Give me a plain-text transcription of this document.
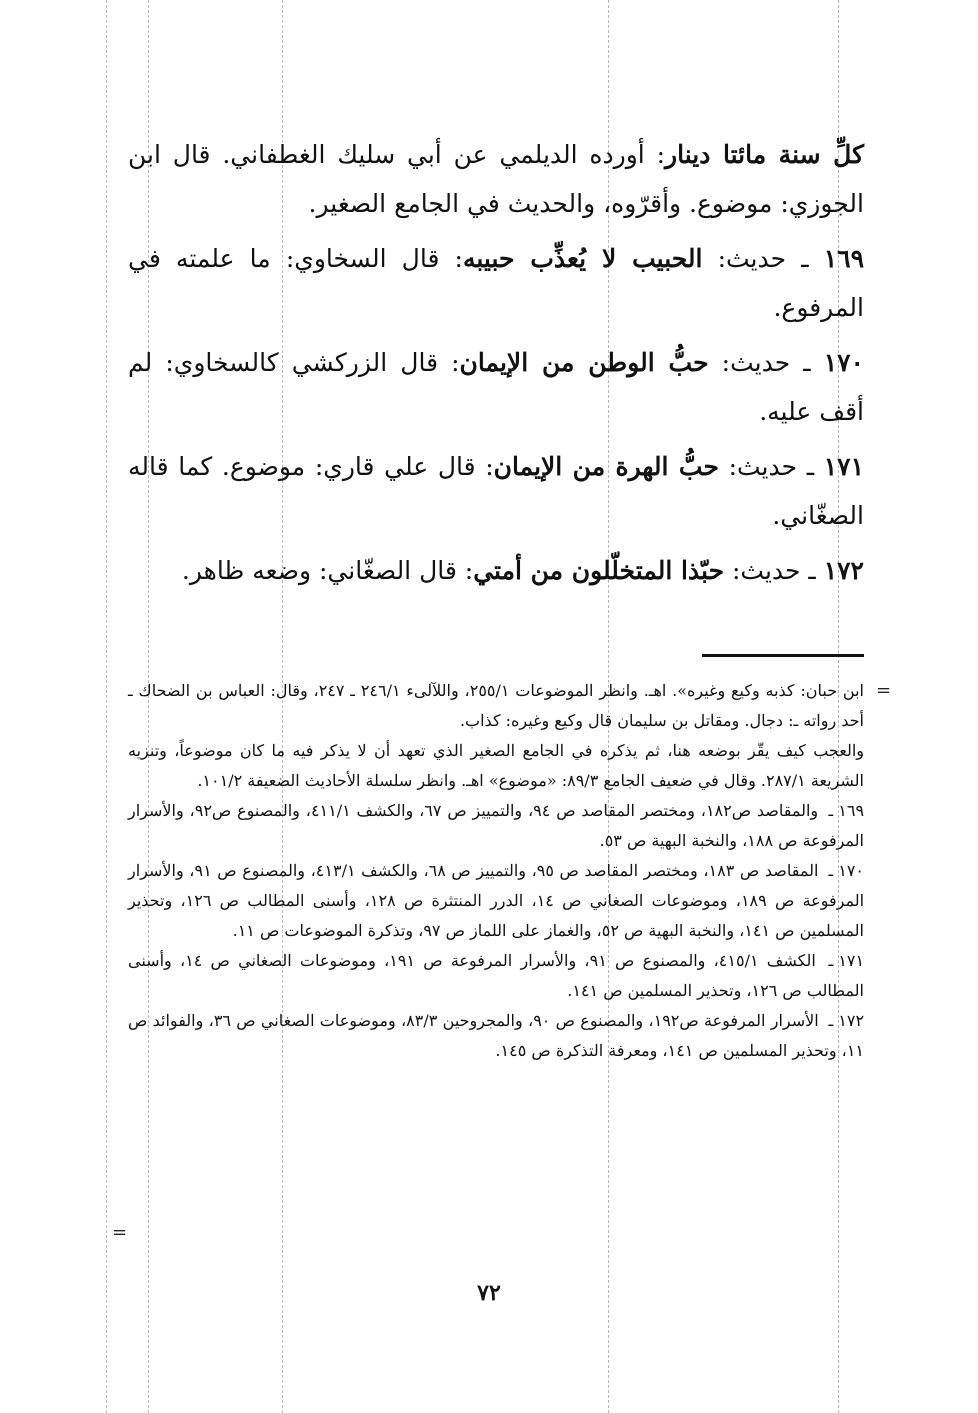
كلِّ سنة مائتا دينار: أورده الديلمي عن أبي سليك الغطفاني. قال ابن الجوزي: موضوع. وأقرّوه، والحديث في الجامع الصغير.

١٦٩ ـ حديث: الحبيب لا يُعذِّب حبيبه: قال السخاوي: ما علمته في المرفوع.

١٧٠ ـ حديث: حبُّ الوطن من الإيمان: قال الزركشي كالسخاوي: لم أقف عليه.

١٧١ ـ حديث: حبُّ الهرة من الإيمان: قال علي قاري: موضوع. كما قاله الصغّاني.

١٧٢ ـ حديث: حبّذا المتخلّلون من أمتي: قال الصغّاني: وضعه ظاهر.

=

ابن حبان: كذبه وكيع وغيره». اهـ. وانظر الموضوعات ٢٥٥/١، واللآلىء ٢٤٦/١ ـ ٢٤٧، وقال: العباس بن الضحاك ـ أحد رواته ـ: دجال. ومقاتل بن سليمان قال وكيع وغيره: كذاب.

والعجب كيف يقّر بوضعه هنا، ثم يذكره في الجامع الصغير الذي تعهد أن لا يذكر فيه ما كان موضوعاً، وتنزيه الشريعة ٢٨٧/١. وقال في ضعيف الجامع ٨٩/٣: «موضوع» اهـ. وانظر سلسلة الأحاديث الضعيفة ١٠١/٢.

١٦٩ ـ والمقاصد ص١٨٢، ومختصر المقاصد ص ٩٤، والتمييز ص ٦٧، والكشف ٤١١/١، والمصنوع ص٩٢، والأسرار المرفوعة ص ١٨٨، والنخبة البهية ص ٥٣.

١٧٠ ـ المقاصد ص ١٨٣، ومختصر المقاصد ص ٩٥، والتمييز ص ٦٨، والكشف ٤١٣/١، والمصنوع ص ٩١، والأسرار المرفوعة ص ١٨٩، وموضوعات الصغاني ص ١٤، الدرر المنتثرة ص ١٢٨، وأسنى المطالب ص ١٢٦، وتحذير المسلمين ص ١٤١، والنخبة البهية ص ٥٢، والغماز على اللماز ص ٩٧، وتذكرة الموضوعات ص ١١.

١٧١ ـ الكشف ٤١٥/١، والمصنوع ص ٩١، والأسرار المرفوعة ص ١٩١، وموضوعات الصغاني ص ١٤، وأسنى المطالب ص ١٢٦، وتحذير المسلمين ص ١٤١.

١٧٢ ـ الأسرار المرفوعة ص١٩٢، والمصنوع ص ٩٠، والمجروحين ٨٣/٣، وموضوعات الصغاني ص ٣٦، والفوائد ص ١١، وتحذير المسلمين ص ١٤١، ومعرفة التذكرة ص ١٤٥.

=
٧٢
